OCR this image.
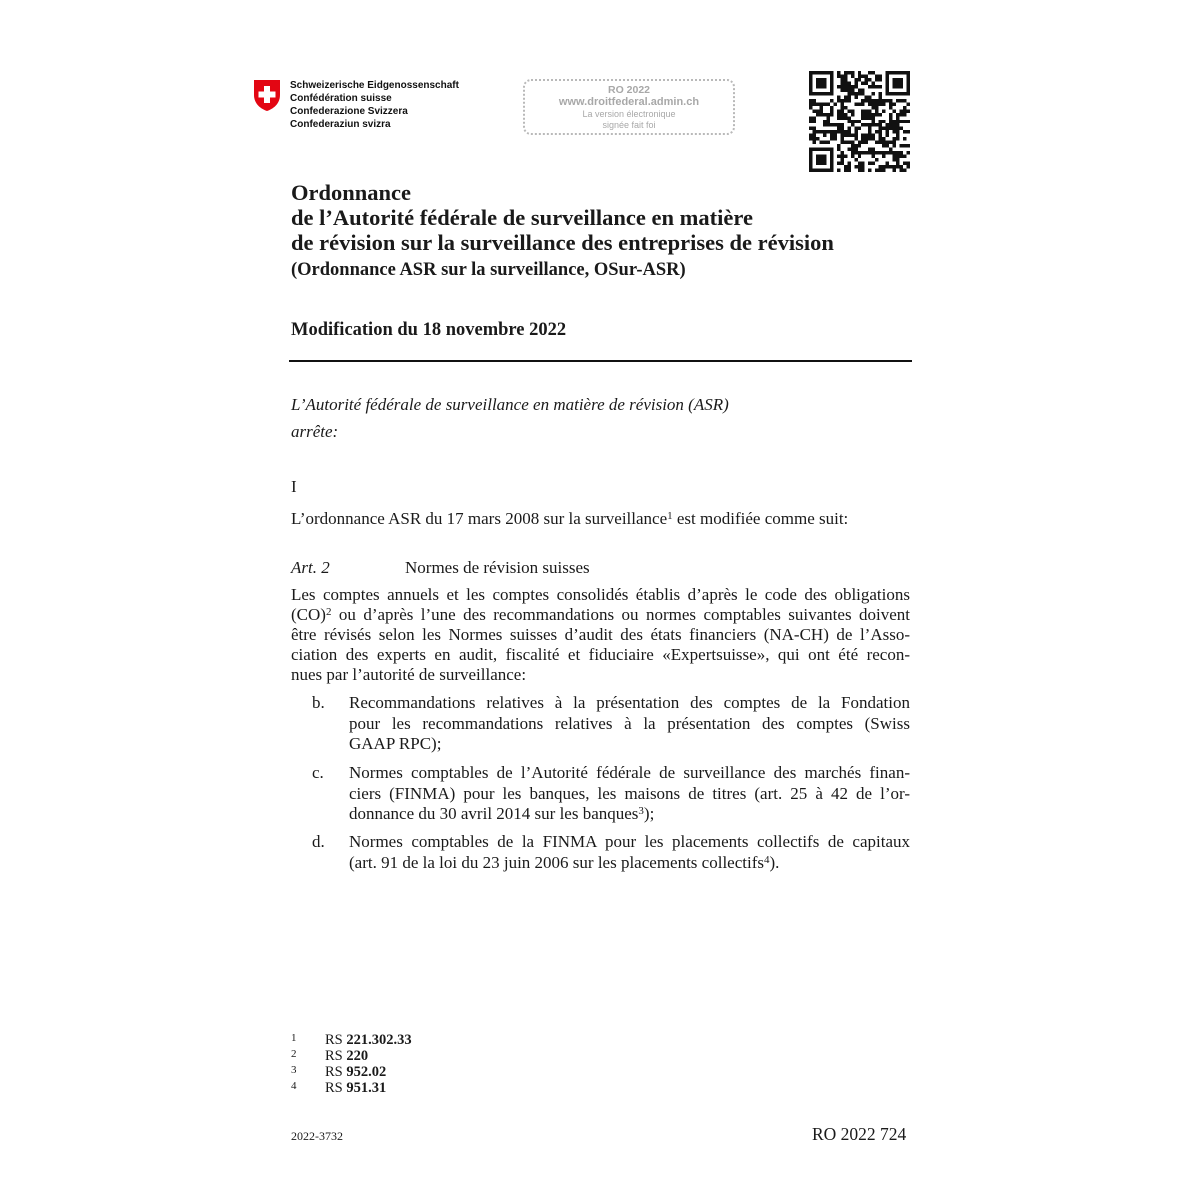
Schweizerische Eidgenossenschaft
Confédération suisse
Confederazione Svizzera
Confederaziun svizra
RO 2022
www.droitfederal.admin.ch
La version électronique
signée fait foi
Ordonnance
de l’Autorité fédérale de surveillance en matière
de révision sur la surveillance des entreprises de révision
(Ordonnance ASR sur la surveillance, OSur-ASR)
Modification du 18 novembre 2022
L’Autorité fédérale de surveillance en matière de révision (ASR)
arrête:
I
L’ordonnance ASR du 17 mars 2008 sur la surveillance$^1$ est modifiée comme suit:
Art. 2	Normes de révision suisses
Les comptes annuels et les comptes consolidés établis d’après le code des obligations
(CO)$^2$ ou d’après l’une des recommandations ou normes comptables suivantes doivent
être révisés selon les Normes suisses d’audit des états financiers (NA-CH) de l’Asso-
ciation des experts en audit, fiscalité et fiduciaire «Expertsuisse», qui ont été recon-
nues par l’autorité de surveillance:
b. Recommandations relatives à la présentation des comptes de la Fondation
pour les recommandations relatives à la présentation des comptes (Swiss
GAAP RPC);
c. Normes comptables de l’Autorité fédérale de surveillance des marchés finan-
ciers (FINMA) pour les banques, les maisons de titres (art. 25 à 42 de l’or-
donnance du 30 avril 2014 sur les banques$^3$);
d. Normes comptables de la FINMA pour les placements collectifs de capitaux
(art. 91 de la loi du 23 juin 2006 sur les placements collectifs$^4$).
1 RS 221.302.33
2 RS 220
3 RS 952.02
4 RS 951.31
2022-3732	RO 2022 724
